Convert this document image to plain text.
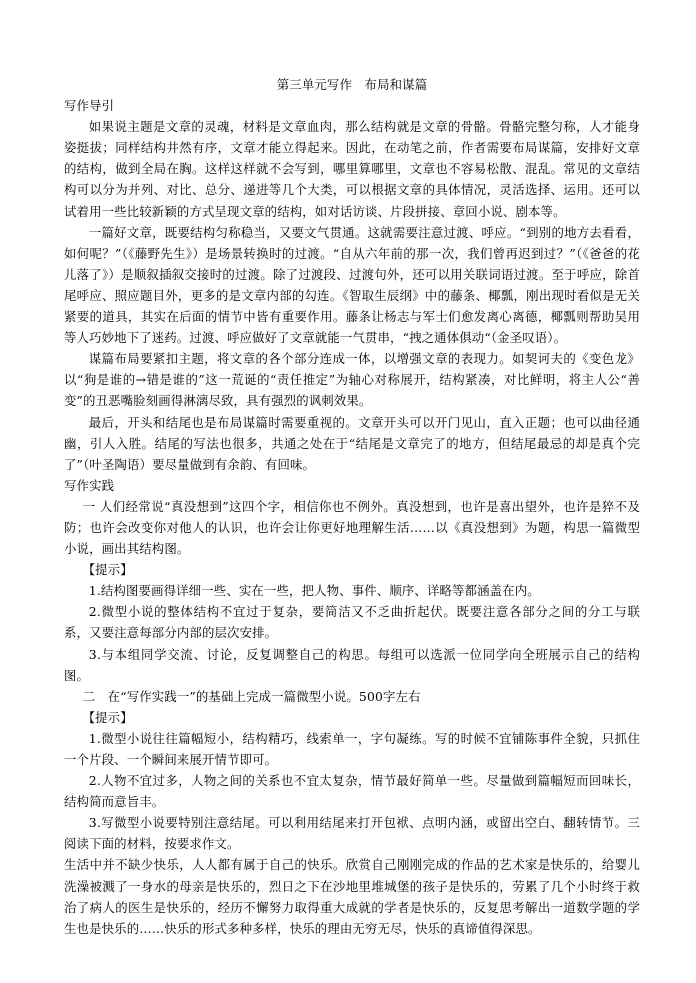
第三单元写作　布局和谋篇

写作导引

如果说主题是文章的灵魂，材料是文章血肉，那么结构就是文章的骨骼。骨骼完整匀称，人才能身姿挺拔；同样结构井然有序，文章才能立得起来。因此，在动笔之前，作者需要布局谋篇，安排好文章的结构，做到全局在胸。这样这样就不会写到，哪里算哪里，文章也不容易松散、混乱。常见的文章结构可以分为并列、对比、总分、递进等几个大类，可以根据文章的具体情况，灵活选择、运用。还可以试着用一些比较新颖的方式呈现文章的结构，如对话访谈、片段拼接、章回小说、剧本等。

一篇好文章，既要结构匀称稳当，又要文气贯通。这就需要注意过渡、呼应。“到别的地方去看看，如何呢？”（《藤野先生》）是场景转换时的过渡。“自从六年前的那一次，我们曾再迟到过？”（《爸爸的花儿落了》）是顺叙插叙交接时的过渡。除了过渡段、过渡句外，还可以用关联词语过渡。至于呼应，除首尾呼应、照应题目外，更多的是文章内部的勾连。《智取生辰纲》中的藤条、椰瓢，刚出现时看似是无关紧要的道具，其实在后面的情节中皆有重要作用。藤条让杨志与军士们愈发离心离德，椰瓢则帮助吴用等人巧妙地下了迷药。过渡、呼应做好了文章就能一气贯串，“拽之通体俱动“（金圣叹语）。

谋篇布局要紧扣主题，将文章的各个部分连成一体，以增强文章的表现力。如契诃夫的《变色龙》以“狗是谁的→错是谁的”这一荒诞的“责任推定”为轴心对称展开，结构紧凑，对比鲜明，将主人公“善变”的丑恶嘴脸刻画得淋漓尽致，具有强烈的讽刺效果。

最后，开头和结尾也是布局谋篇时需要重视的。文章开头可以开门见山，直入正题；也可以曲径通幽，引人入胜。结尾的写法也很多，共通之处在于“结尾是文章完了的地方，但结尾最忌的却是真个完了”（叶圣陶语）要尽量做到有余韵、有回味。

写作实践

一 人们经常说“真没想到”这四个字，相信你也不例外。真没想到，也许是喜出望外，也许是猝不及防；也许会改变你对他人的认识，也许会让你更好地理解生活……以《真没想到》为题，构思一篇微型小说，画出其结构图。

【提示】

1.结构图要画得详细一些、实在一些，把人物、事件、顺序、详略等都涵盖在内。

2.微型小说的整体结构不宜过于复杂，要简洁又不乏曲折起伏。既要注意各部分之间的分工与联系，又要注意每部分内部的层次安排。

3.与本组同学交流、讨论，反复调整自己的构思。每组可以选派一位同学向全班展示自己的结构图。

二　在“写作实践一”的基础上完成一篇微型小说。500字左右

【提示】

1.微型小说往往篇幅短小，结构精巧，线索单一，字句凝练。写的时候不宜铺陈事件全貌，只抓住一个片段、一个瞬间来展开情节即可。

2.人物不宜过多，人物之间的关系也不宜太复杂，情节最好简单一些。尽量做到篇幅短而回味长，结构简而意旨丰。

3.写微型小说要特别注意结尾。可以利用结尾来打开包袱、点明内涵，或留出空白、翻转情节。三阅读下面的材料，按要求作文。

生活中并不缺少快乐，人人都有属于自己的快乐。欣赏自己刚刚完成的作品的艺术家是快乐的，给婴儿洗澡被溅了一身水的母亲是快乐的，烈日之下在沙地里堆城堡的孩子是快乐的，劳累了几个小时终于救治了病人的医生是快乐的，经历不懈努力取得重大成就的学者是快乐的，反复思考解出一道数学题的学生也是快乐的……快乐的形式多种多样，快乐的理由无穷无尽，快乐的真谛值得深思。
